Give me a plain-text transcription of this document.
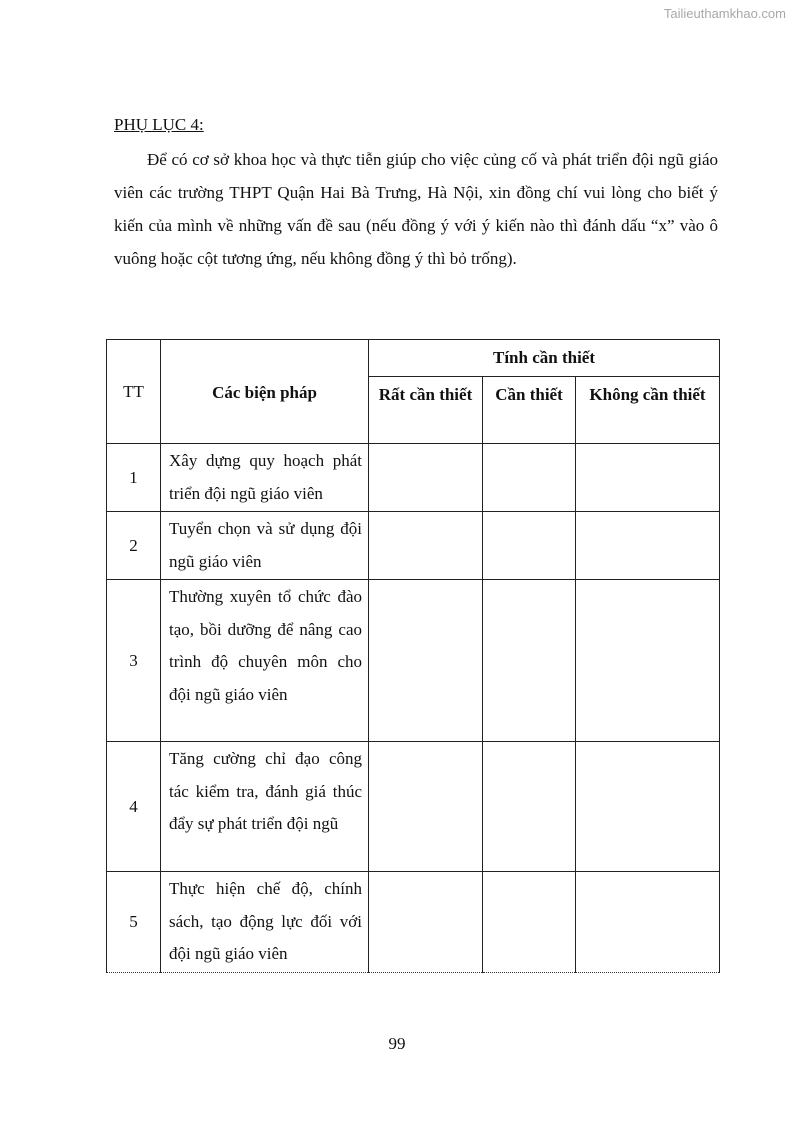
Tailieuthamkhao.com
PHỤ LỤC 4:

Để có cơ sở khoa học và thực tiễn giúp cho việc củng cố và phát triển đội ngũ giáo viên các trường THPT Quận Hai Bà Trưng, Hà Nội, xin đồng chí vui lòng cho biết ý kiến của mình về những vấn đề sau (nếu đồng ý với ý kiến nào thì đánh dấu “x” vào ô vuông hoặc cột tương ứng, nếu không đồng ý thì bỏ trống).

TT	Các biện pháp	Tính cần thiết		
		Rất cần thiết	Cần thiết	Không cần thiết
1	Xây dựng quy hoạch phát triển đội ngũ giáo viên			
2	Tuyển chọn và sử dụng đội ngũ giáo viên			
3	Thường xuyên tổ chức đào tạo, bồi dưỡng để nâng cao trình độ chuyên môn cho đội ngũ giáo viên			
4	Tăng cường chỉ đạo công tác kiểm tra, đánh giá thúc đẩy sự phát triển đội ngũ			
5	Thực hiện chế độ, chính sách, tạo động lực đối với đội ngũ giáo viên			
99
